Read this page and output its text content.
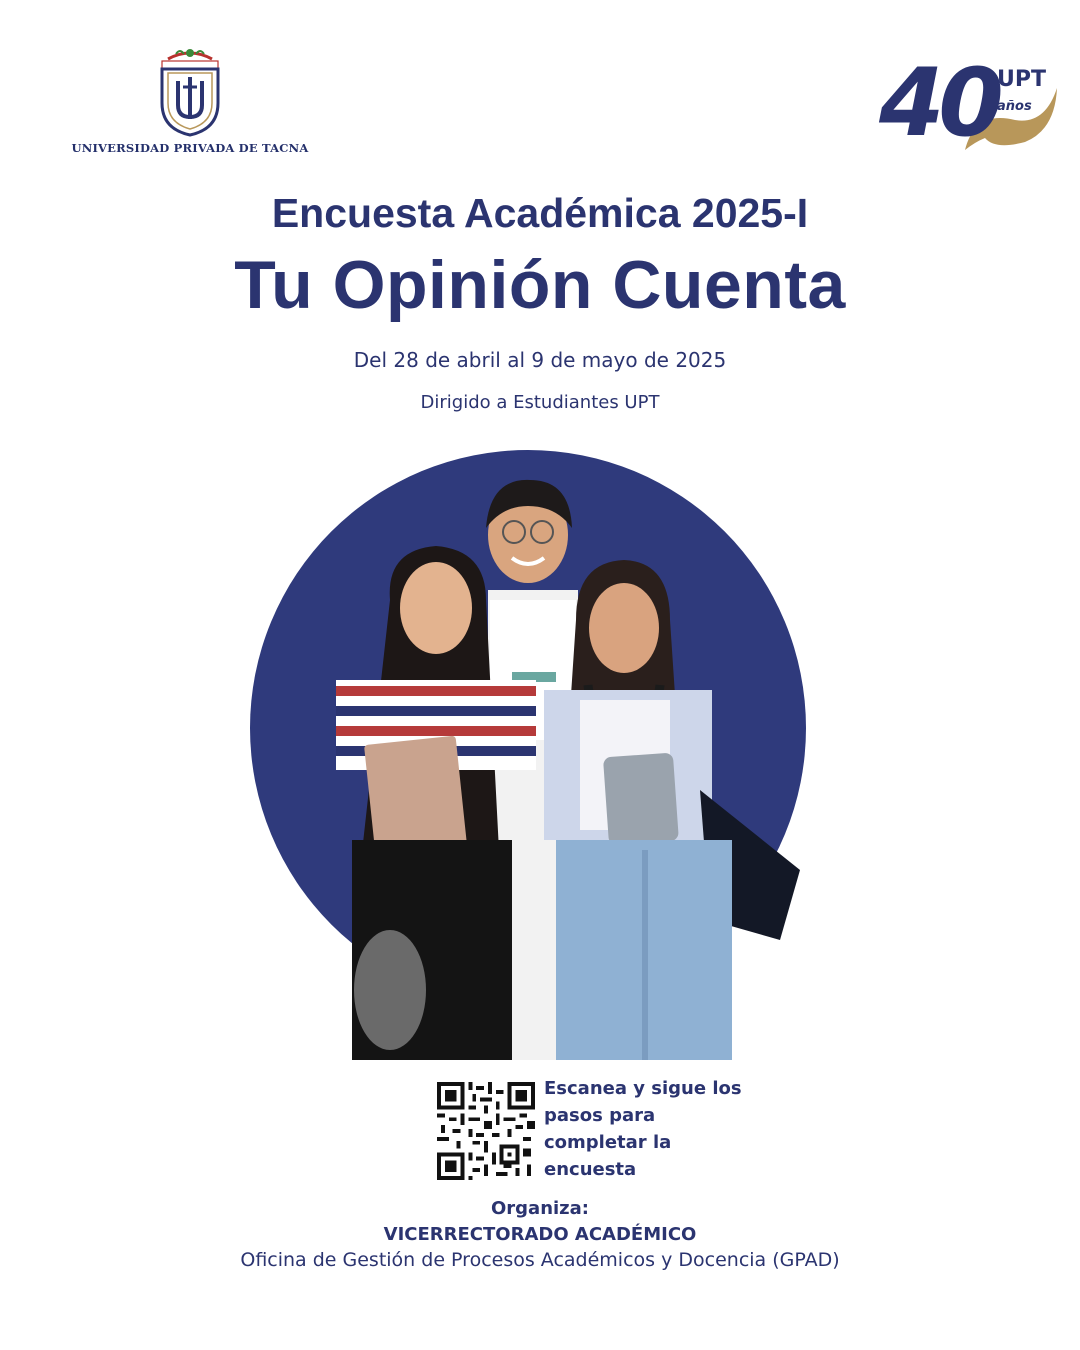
UNIVERSIDAD PRIVADA DE TACNA	40 UPT
años
Encuesta Académica 2025-I
Tu Opinión Cuenta
Del 28 de abril al 9 de mayo de 2025
Dirigido a Estudiantes UPT
Escanea y sigue los
pasos para
completar la
encuesta
Organiza:
VICERRECTORADO ACADÉMICO
Oficina de Gestión de Procesos Académicos y Docencia (GPAD)
